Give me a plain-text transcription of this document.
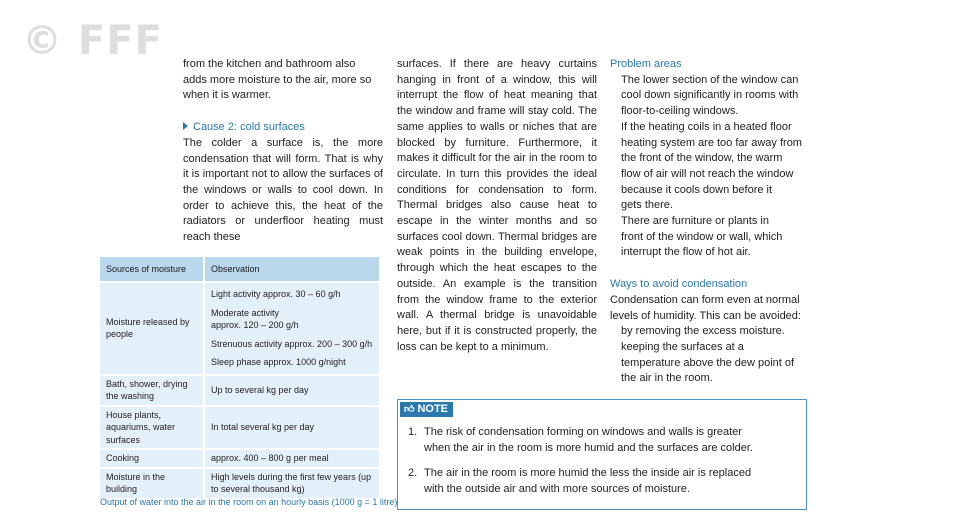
© FFF from the kitchen and bathroom also

adds more moisture to the air, more so

when it is warmer.

Cause 2: cold surfaces

The colder a surface is, the more condensation that will form. That is why it is important not to allow the surfaces of the windows or walls to cool down. In order to achieve this, the heat of the radiators or underfloor heating must reach these

surfaces. If there are heavy curtains hanging in front of a window, this will interrupt the flow of heat meaning that the window and frame will stay cold. The same applies to walls or niches that are blocked by furniture. Furthermore, it makes it difficult for the air in the room to circulate. In turn this provides the ideal conditions for condensation to form. Thermal bridges also cause heat to escape in the winter months and so surfaces cool down. Thermal bridges are weak points in the building envelope, through which the heat escapes to the outside. An example is the transition from the window frame to the exterior wall. A thermal bridge is unavoidable here, but if it is constructed properly, the loss can be kept to a minimum.

Problem areas

The lower section of the window can

cool down significantly in rooms with

floor-to-ceiling windows.

If the heating coils in a heated floor

heating system are too far away from

the front of the window, the warm

flow of air will not reach the window

because it cools down before it

gets there.

There are furniture or plants in

front of the window or wall, which

interrupt the flow of hot air.

Ways to avoid condensation

Condensation can form even at normal

levels of humidity. This can be avoided:

by removing the excess moisture.

keeping the surfaces at a

temperature above the dew point of

the air in the room.

Sources of moisture	Observation
Moisture released by people	Light activity approx. 30 – 60 g/h
Moderate activity approx. 120 – 200 g/h
Strenuous activity approx. 200 – 300 g/h
Sleep phase approx. 1000 g/night

Bath, shower, drying the washing	Up to several kg per day
House plants, aquariums, water surfaces	In total several kg per day
Cooking	approx. 400 – 800 g per meal
Moisture in the building	High levels during the first few years (up to several thousand kg)
Output of water into the air in the room on an hourly basis (1000 g = 1 litre)
👍︎ NOTE
1. The risk of condensation forming on windows and walls is greater
when the air in the room is more humid and the surfaces are colder.
2. The air in the room is more humid the less the inside air is replaced
with the outside air and with more sources of moisture.
